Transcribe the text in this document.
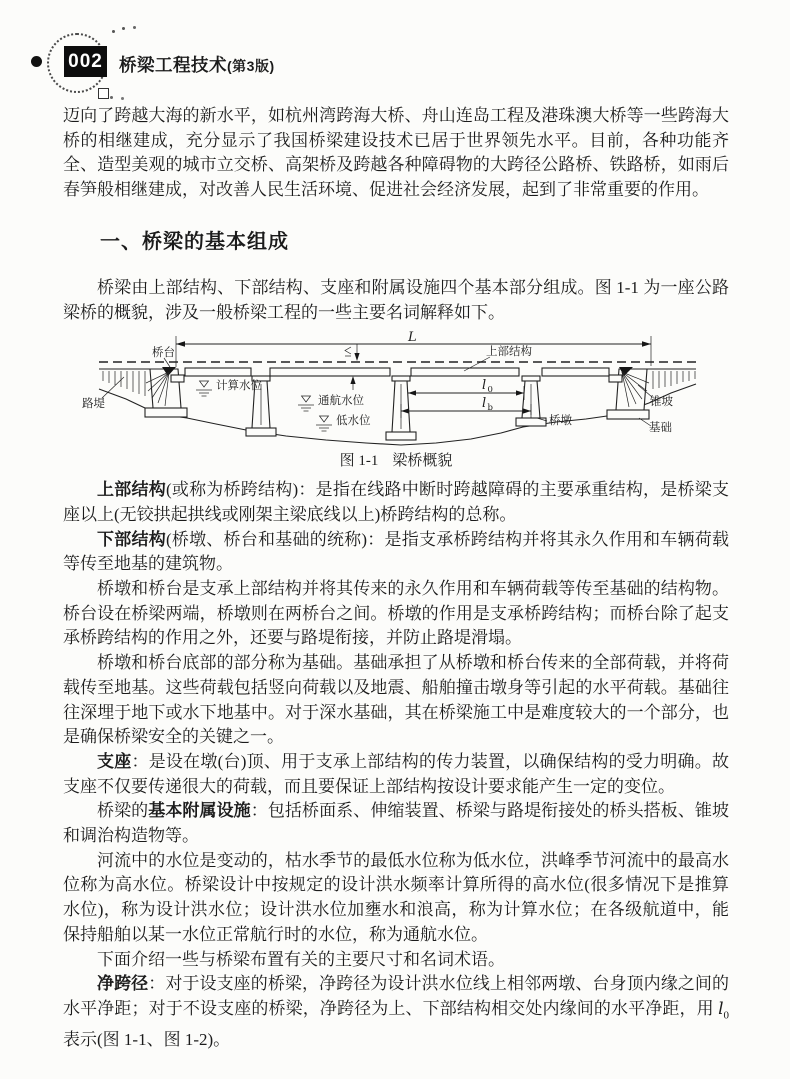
002 桥梁工程技术(第3版)

迈向了跨越大海的新水平，如杭州湾跨海大桥、舟山连岛工程及港珠澳大桥等一些跨海大桥的相继建成，充分显示了我国桥梁建设技术已居于世界领先水平。目前，各种功能齐全、造型美观的城市立交桥、高架桥及跨越各种障碍物的大跨径公路桥、铁路桥，如雨后春笋般相继建成，对改善人民生活环境、促进社会经济发展，起到了非常重要的作用。

一、桥梁的基本组成

桥梁由上部结构、下部结构、支座和附属设施四个基本部分组成。图 1-1 为一座公路梁桥的概貌，涉及一般桥梁工程的一些主要名词解释如下。

L
计算水位
通航水位
低水位
l 0
l b
桥台	上部结构
路堤	锥坡
桥墩
基础
图 1-1 梁桥概貌

上部结构(或称为桥跨结构)：是指在线路中断时跨越障碍的主要承重结构，是桥梁支座以上(无铰拱起拱线或刚架主梁底线以上)桥跨结构的总称。

下部结构(桥墩、桥台和基础的统称)：是指支承桥跨结构并将其永久作用和车辆荷载等传至地基的建筑物。

桥墩和桥台是支承上部结构并将其传来的永久作用和车辆荷载等传至基础的结构物。桥台设在桥梁两端，桥墩则在两桥台之间。桥墩的作用是支承桥跨结构；而桥台除了起支承桥跨结构的作用之外，还要与路堤衔接，并防止路堤滑塌。

桥墩和桥台底部的部分称为基础。基础承担了从桥墩和桥台传来的全部荷载，并将荷载传至地基。这些荷载包括竖向荷载以及地震、船舶撞击墩身等引起的水平荷载。基础往往深埋于地下或水下地基中。对于深水基础，其在桥梁施工中是难度较大的一个部分，也是确保桥梁安全的关键之一。

支座：是设在墩(台)顶、用于支承上部结构的传力装置，以确保结构的受力明确。故支座不仅要传递很大的荷载，而且要保证上部结构按设计要求能产生一定的变位。

桥梁的基本附属设施：包括桥面系、伸缩装置、桥梁与路堤衔接处的桥头搭板、锥坡和调治构造物等。

河流中的水位是变动的，枯水季节的最低水位称为低水位，洪峰季节河流中的最高水位称为高水位。桥梁设计中按规定的设计洪水频率计算所得的高水位(很多情况下是推算水位)，称为设计洪水位；设计洪水位加壅水和浪高，称为计算水位；在各级航道中，能保持船舶以某一水位正常航行时的水位，称为通航水位。

下面介绍一些与桥梁布置有关的主要尺寸和名词术语。

净跨径：对于设支座的桥梁，净跨径为设计洪水位线上相邻两墩、台身顶内缘之间的水平净距；对于不设支座的桥梁，净跨径为上、下部结构相交处内缘间的水平净距，用 $l_0$ 表示(图 1-1、图 1-2)。
